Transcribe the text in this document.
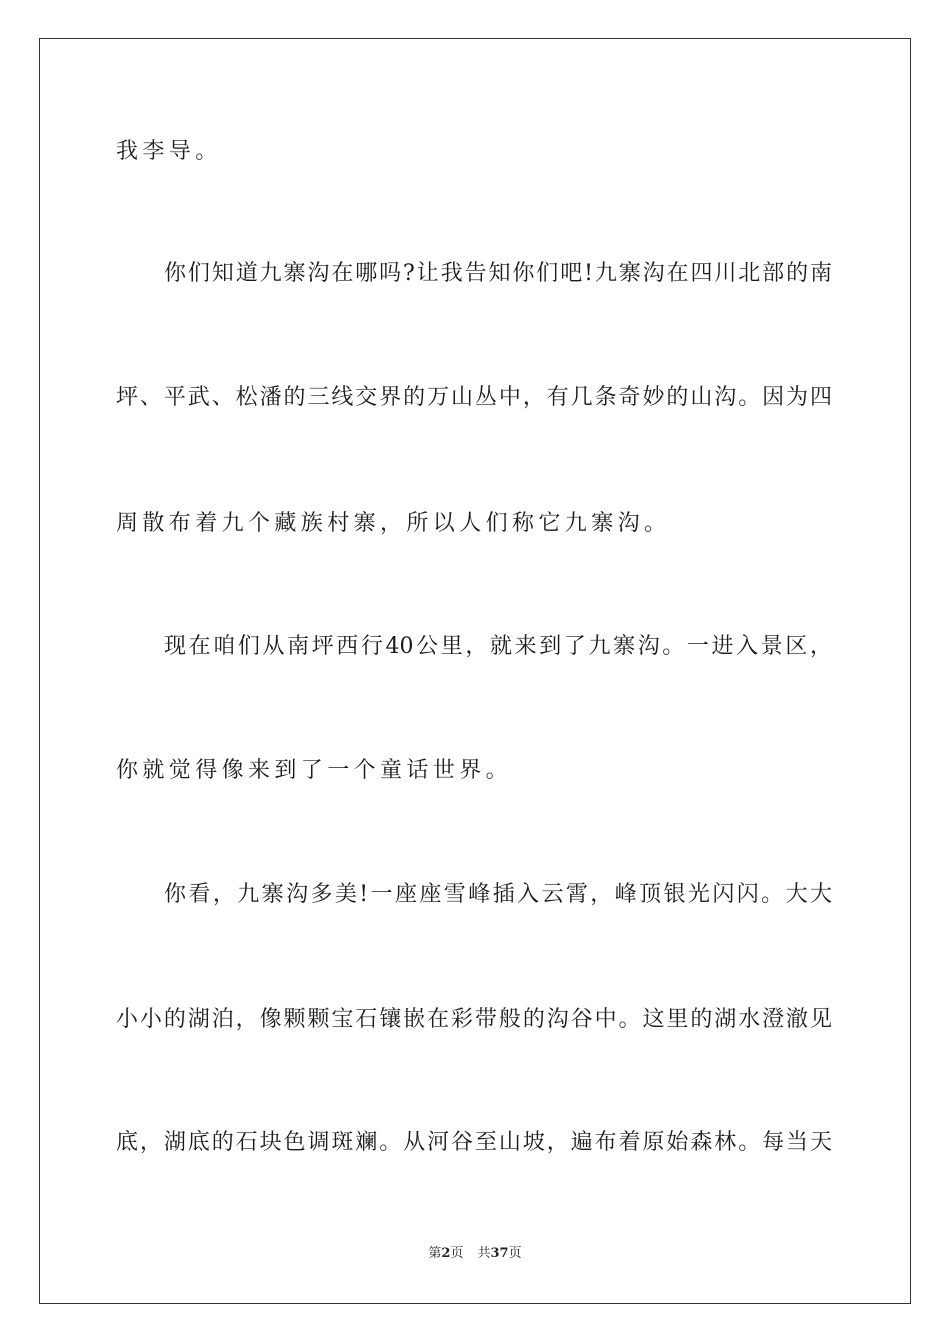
我李导。
你们知道九寨沟在哪吗?让我告知你们吧!九寨沟在四川北部的南
坪、平武、松潘的三线交界的万山丛中，有几条奇妙的山沟。因为四
周散布着九个藏族村寨，所以人们称它九寨沟。
现在咱们从南坪西行40公里，就来到了九寨沟。一进入景区，
你就觉得像来到了一个童话世界。
你看，九寨沟多美!一座座雪峰插入云霄，峰顶银光闪闪。大大
小小的湖泊，像颗颗宝石镶嵌在彩带般的沟谷中。这里的湖水澄澈见
底，湖底的石块色调斑斓。从河谷至山坡，遍布着原始森林。每当天
第2页 共37页
